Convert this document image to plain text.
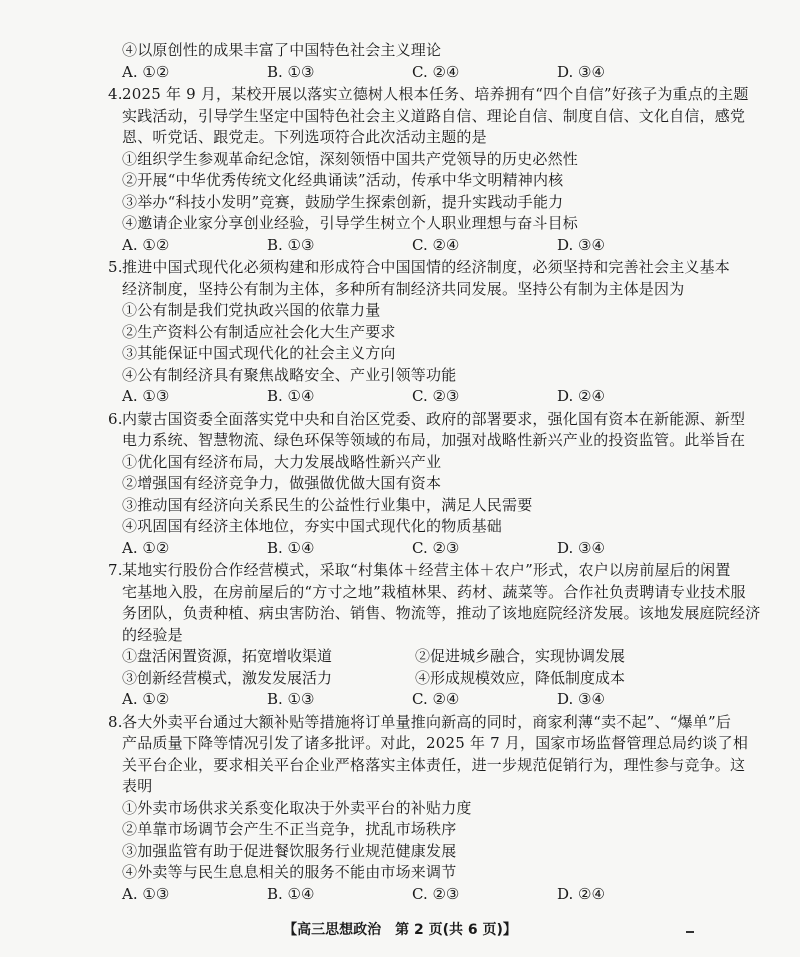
④以原创性的成果丰富了中国特色社会主义理论
A. ①②	B. ①③	C. ②④	D. ③④
4.2025 年 9 月，某校开展以落实立德树人根本任务、培养拥有“四个自信”好孩子为重点的主题
实践活动，引导学生坚定中国特色社会主义道路自信、理论自信、制度自信、文化自信，感党
恩、听党话、跟党走。下列选项符合此次活动主题的是
①组织学生参观革命纪念馆，深刻领悟中国共产党领导的历史必然性
②开展“中华优秀传统文化经典诵读”活动，传承中华文明精神内核
③举办“科技小发明”竞赛，鼓励学生探索创新，提升实践动手能力
④邀请企业家分享创业经验，引导学生树立个人职业理想与奋斗目标
A. ①②	B. ①③	C. ②④	D. ③④
5.推进中国式现代化必须构建和形成符合中国国情的经济制度，必须坚持和完善社会主义基本
经济制度，坚持公有制为主体，多种所有制经济共同发展。坚持公有制为主体是因为
①公有制是我们党执政兴国的依靠力量
②生产资料公有制适应社会化大生产要求
③其能保证中国式现代化的社会主义方向
④公有制经济具有聚焦战略安全、产业引领等功能
A. ①③	B. ①④	C. ②③	D. ②④
6.内蒙古国资委全面落实党中央和自治区党委、政府的部署要求，强化国有资本在新能源、新型
电力系统、智慧物流、绿色环保等领域的布局，加强对战略性新兴产业的投资监管。此举旨在
①优化国有经济布局，大力发展战略性新兴产业
②增强国有经济竞争力，做强做优做大国有资本
③推动国有经济向关系民生的公益性行业集中，满足人民需要
④巩固国有经济主体地位，夯实中国式现代化的物质基础
A. ①②	B. ①④	C. ②③	D. ③④
7.某地实行股份合作经营模式，采取“村集体＋经营主体＋农户”形式，农户以房前屋后的闲置
宅基地入股，在房前屋后的“方寸之地”栽植林果、药材、蔬菜等。合作社负责聘请专业技术服
务团队，负责种植、病虫害防治、销售、物流等，推动了该地庭院经济发展。该地发展庭院经济
的经验是
①盘活闲置资源，拓宽增收渠道	②促进城乡融合，实现协调发展
③创新经营模式，激发发展活力	④形成规模效应，降低制度成本
A. ①②	B. ①③	C. ②④	D. ③④
8.各大外卖平台通过大额补贴等措施将订单量推向新高的同时，商家利薄“卖不起”、“爆单”后
产品质量下降等情况引发了诸多批评。对此，2025 年 7 月，国家市场监督管理总局约谈了相
关平台企业，要求相关平台企业严格落实主体责任，进一步规范促销行为，理性参与竞争。这
表明
①外卖市场供求关系变化取决于外卖平台的补贴力度
②单靠市场调节会产生不正当竞争，扰乱市场秩序
③加强监管有助于促进餐饮服务行业规范健康发展
④外卖等与民生息息相关的服务不能由市场来调节
A. ①③	B. ①④	C. ②③	D. ②④
【高三思想政治　第 2 页(共 6 页)】
